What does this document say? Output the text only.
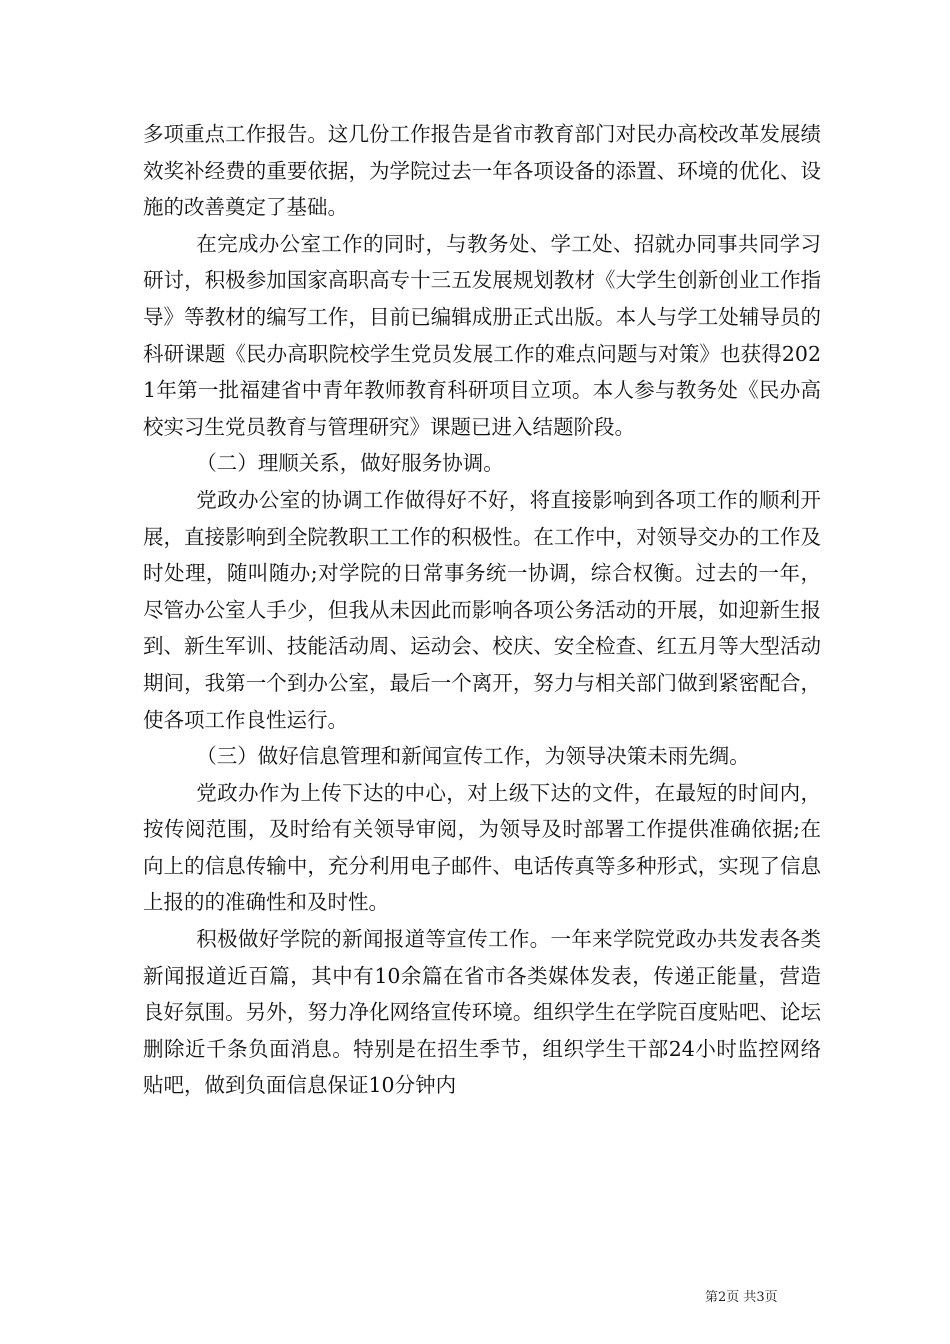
多项重点工作报告。这几份工作报告是省市教育部门对民办高校改革发展绩效奖补经费的重要依据，为学院过去一年各项设备的添置、环境的优化、设施的改善奠定了基础。

在完成办公室工作的同时，与教务处、学工处、招就办同事共同学习研讨，积极参加国家高职高专十三五发展规划教材《大学生创新创业工作指导》等教材的编写工作，目前已编辑成册正式出版。本人与学工处辅导员的科研课题《民办高职院校学生党员发展工作的难点问题与对策》也获得2021年第一批福建省中青年教师教育科研项目立项。本人参与教务处《民办高校实习生党员教育与管理研究》课题已进入结题阶段。

（二）理顺关系，做好服务协调。

党政办公室的协调工作做得好不好，将直接影响到各项工作的顺利开展，直接影响到全院教职工工作的积极性。在工作中，对领导交办的工作及时处理，随叫随办;对学院的日常事务统一协调，综合权衡。过去的一年，尽管办公室人手少，但我从未因此而影响各项公务活动的开展，如迎新生报到、新生军训、技能活动周、运动会、校庆、安全检查、红五月等大型活动期间，我第一个到办公室，最后一个离开，努力与相关部门做到紧密配合，使各项工作良性运行。

（三）做好信息管理和新闻宣传工作，为领导决策未雨先绸。

党政办作为上传下达的中心，对上级下达的文件，在最短的时间内，按传阅范围，及时给有关领导审阅，为领导及时部署工作提供准确依据;在向上的信息传输中，充分利用电子邮件、电话传真等多种形式，实现了信息上报的的准确性和及时性。

积极做好学院的新闻报道等宣传工作。一年来学院党政办共发表各类新闻报道近百篇，其中有10余篇在省市各类媒体发表，传递正能量，营造良好氛围。另外，努力净化网络宣传环境。组织学生在学院百度贴吧、论坛删除近千条负面消息。特别是在招生季节，组织学生干部24小时监控网络贴吧，做到负面信息保证10分钟内

第2页 共3页
